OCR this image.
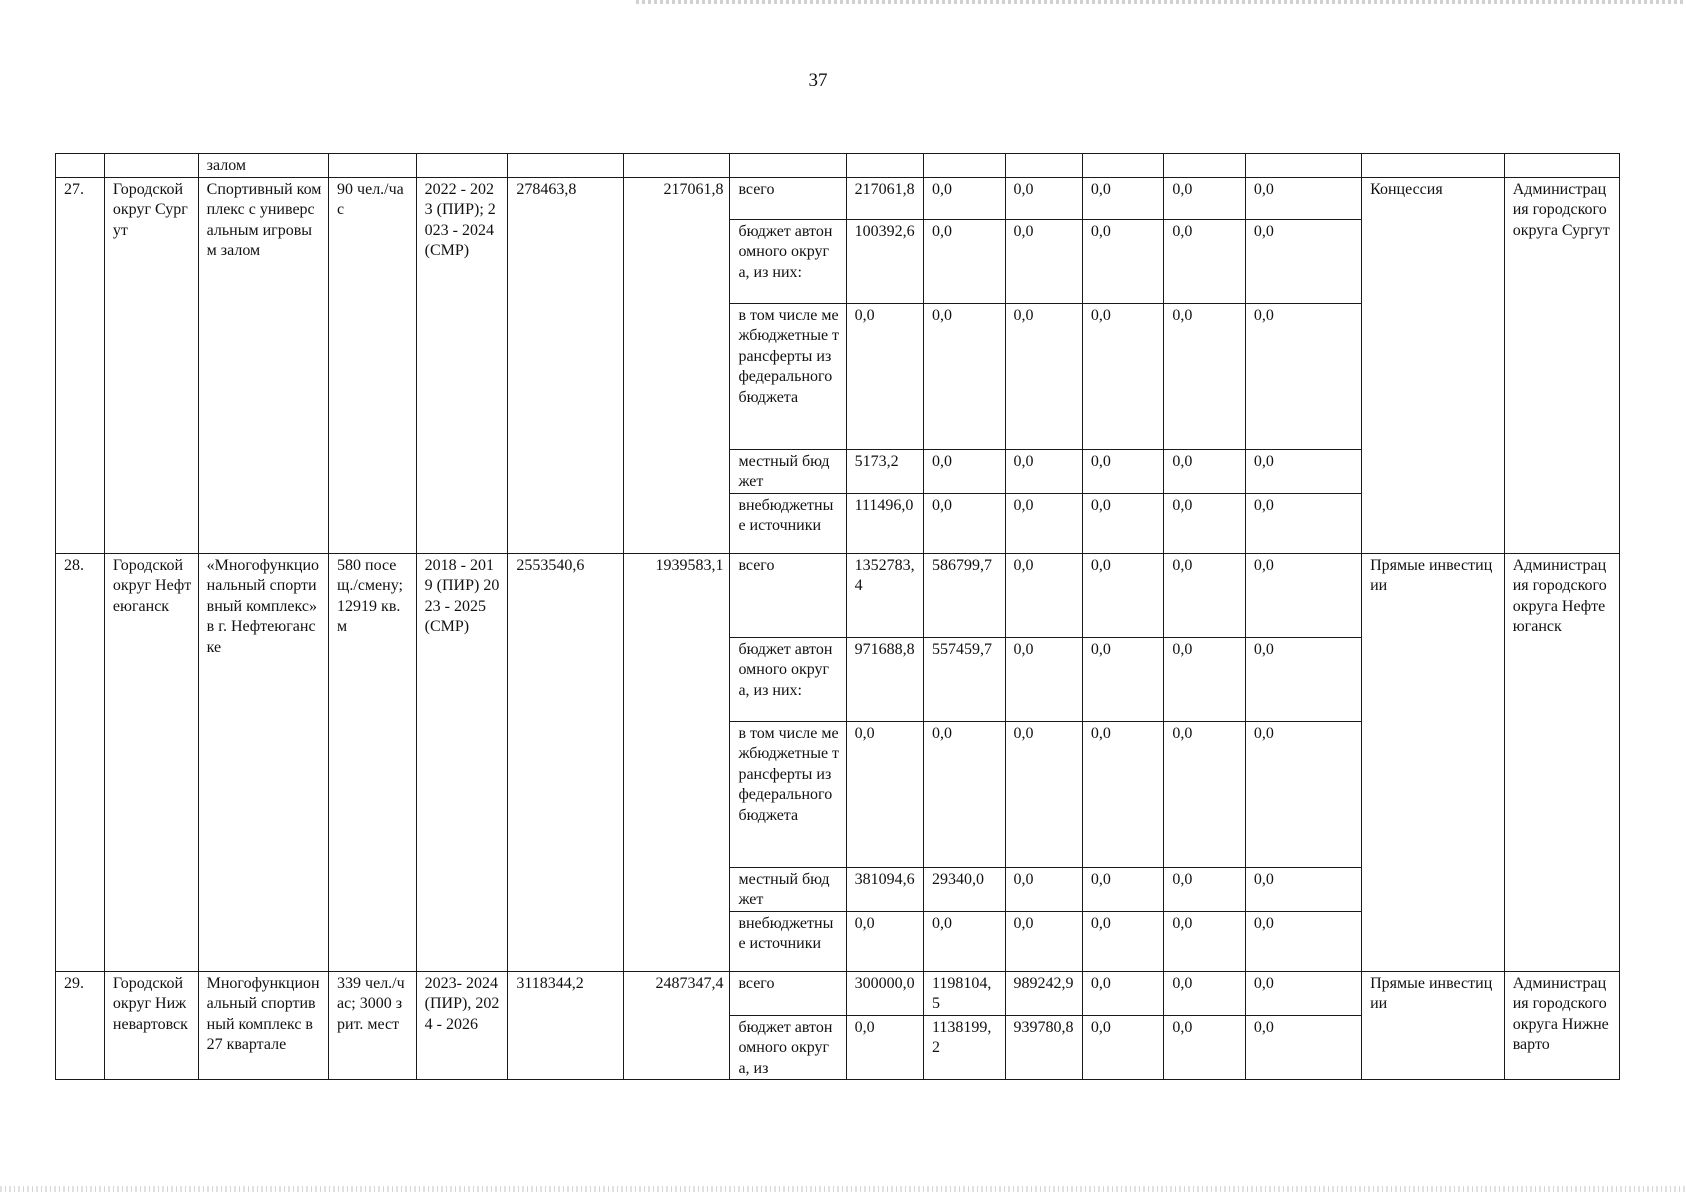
37
		залом													
27.	Городской округ Сургут	Спортивный комплекс с универсальным игровым залом	90 чел./час	2022 - 2023 (ПИР); 2023 - 2024 (СМР)	278463,8	217061,8	всего	217061,8	0,0	0,0	0,0	0,0	0,0	Концессия	Администрация городского округа Сургут
							бюджет автономного округа, из них:	100392,6	0,0	0,0	0,0	0,0	0,0		
							в том числе межбюджетные трансферты из федерального бюджета	0,0	0,0	0,0	0,0	0,0	0,0		
							местный бюджет	5173,2	0,0	0,0	0,0	0,0	0,0		
							внебюджетные источники	111496,0	0,0	0,0	0,0	0,0	0,0		
28.	Городской округ Нефтеюганск	«Многофункциональный спортивный комплекс» в г. Нефтеюганске	580 посещ./смену; 12919 кв. м	2018 - 2019 (ПИР) 2023 - 2025 (СМР)	2553540,6	1939583,1	всего	1352783,4	586799,7	0,0	0,0	0,0	0,0	Прямые инвестиции	Администрация городского округа Нефтеюганск
							бюджет автономного округа, из них:	971688,8	557459,7	0,0	0,0	0,0	0,0		
							в том числе межбюджетные трансферты из федерального бюджета	0,0	0,0	0,0	0,0	0,0	0,0		
							местный бюджет	381094,6	29340,0	0,0	0,0	0,0	0,0		
							внебюджетные источники	0,0	0,0	0,0	0,0	0,0	0,0		
29.	Городской округ Нижневартовск	Многофункциональный спортивный комплекс в 27 квартале	339 чел./час; 3000 зрит. мест	2023- 2024 (ПИР), 2024 - 2026	3118344,2	2487347,4	всего	300000,0	1198104,5	989242,9	0,0	0,0	0,0	Прямые инвестиции	Администрация городского округа Нижневарто
							бюджет автономного округа, из	0,0	1138199,2	939780,8	0,0	0,0	0,0		
